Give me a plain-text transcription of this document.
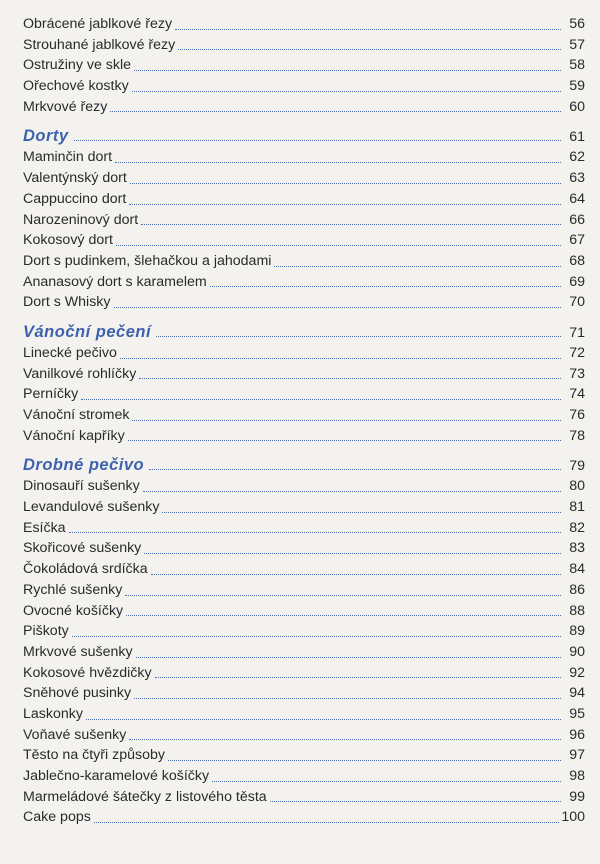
Obrácené jablkové řezy	56
Strouhané jablkové řezy	57
Ostružiny ve skle	58
Ořechové kostky	59
Mrkvové řezy	60
Dorty	61
Maminčin dort	62
Valentýnský dort	63
Cappuccino dort	64
Narozeninový dort	66
Kokosový dort	67
Dort s pudinkem, šlehačkou a jahodami	68
Ananasový dort s karamelem	69
Dort s Whisky	70
Vánoční pečení	71
Linecké pečivo	72
Vanilkové rohlíčky	73
Perníčky	74
Vánoční stromek	76
Vánoční kapříky	78
Drobné pečivo	79
Dinosauří sušenky	80
Levandulové sušenky	81
Esíčka	82
Skořicové sušenky	83
Čokoládová srdíčka	84
Rychlé sušenky	86
Ovocné košíčky	88
Piškoty	89
Mrkvové sušenky	90
Kokosové hvězdičky	92
Sněhové pusinky	94
Laskonky	95
Voňavé sušenky	96
Těsto na čtyři způsoby	97
Jablečno-karamelové košíčky	98
Marmeládové šátečky z listového těsta	99
Cake pops	100
